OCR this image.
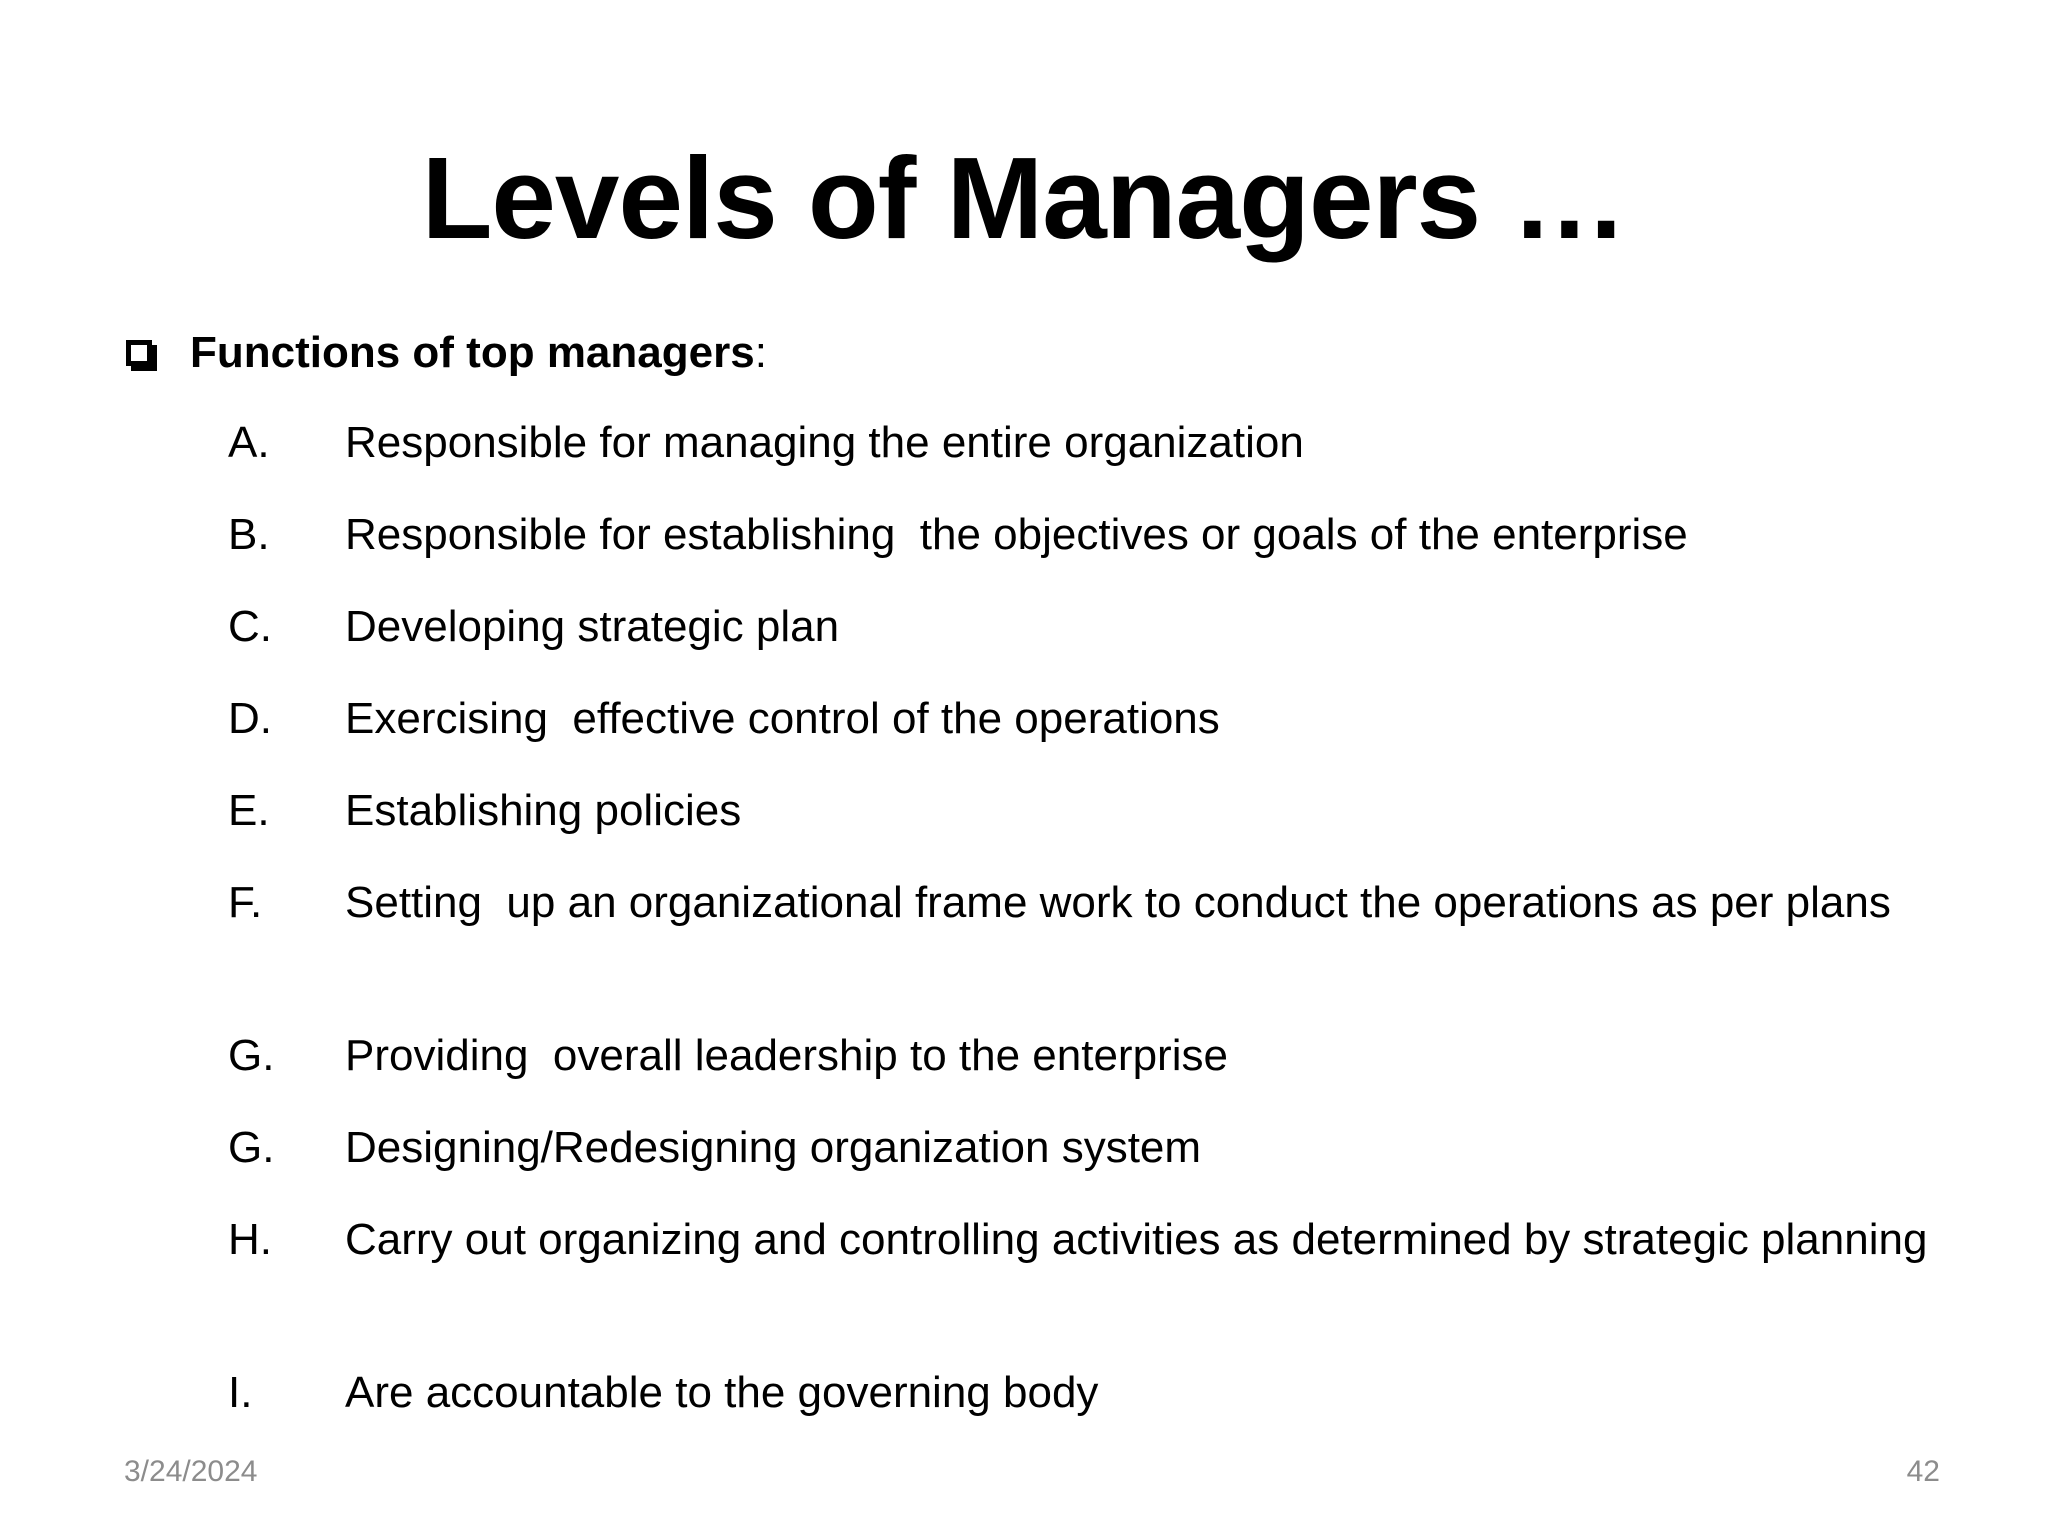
Levels of Managers …
Functions of top managers :
A.	Responsible for managing the entire organization
B.	Responsible for establishing  the objectives or goals of the enterprise
C.	Developing strategic plan
D.	Exercising  effective control of the operations
E.	Establishing policies
F.	Setting  up an organizational frame work to conduct the operations as per plans
G.	Providing  overall leadership to the enterprise
G.	Designing/Redesigning organization system
H.	Carry out organizing and controlling activities as determined by strategic planning
I.	Are accountable to the governing body
3/24/2024	42
